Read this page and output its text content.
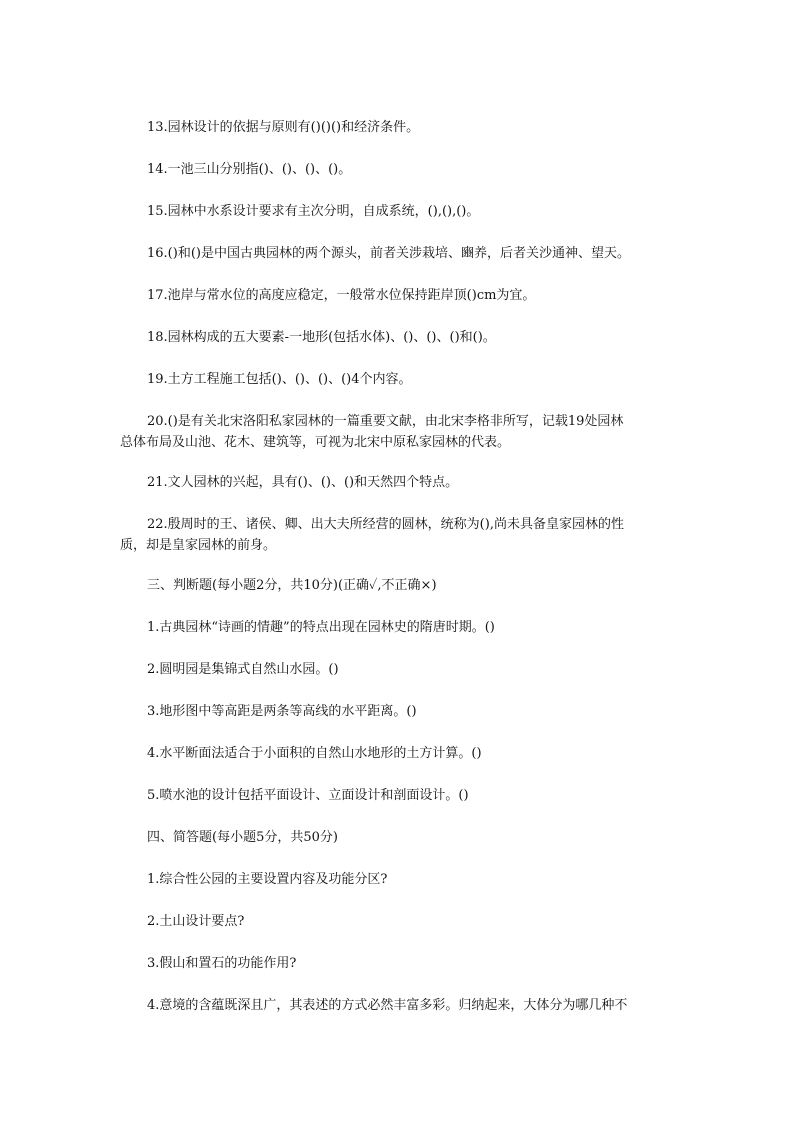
13.园林设计的依据与原则有()()()和经济条件。
14.一池三山分别指()、()、()、()。
15.园林中水系设计要求有主次分明，自成系统，(),(),()。
16.()和()是中国古典园林的两个源头，前者关涉栽培、豳养，后者关沙通神、望天。
17.池岸与常水位的高度应稳定，一般常水位保持距岸顶()cm为宜。
18.园林构成的五大要素-一地形(包括水体)、()、()、()和()。
19.土方工程施工包括()、()、()、()4个内容。
20.()是有关北宋洛阳私家园林的一篇重要文献，由北宋李格非所写，记载19处园林
总体布局及山池、花木、建筑等，可视为北宋中原私家园林的代表。
21.文人园林的兴起，具有()、()、()和天然四个特点。
22.殷周时的王、诸侯、卿、出大夫所经营的圆林，统称为(),尚未具备皇家园林的性
质，却是皇家园林的前身。
三、判断题(每小题2分，共10分)(正确✓,不正确×)
1.古典园林“诗画的情趣”的特点出现在园林史的隋唐时期。()
2.圆明园是集锦式自然山水园。()
3.地形图中等高距是两条等高线的水平距离。()
4.水平断面法适合于小面积的自然山水地形的土方计算。()
5.喷水池的设计包括平面设计、立面设计和剖面设计。()
四、简答题(每小题5分，共50分)
1.综合性公园的主要设置内容及功能分区?
2.土山设计要点?
3.假山和置石的功能作用?
4.意境的含蕴既深且广，其表述的方式必然丰富多彩。归纳起来，大体分为哪几种不
